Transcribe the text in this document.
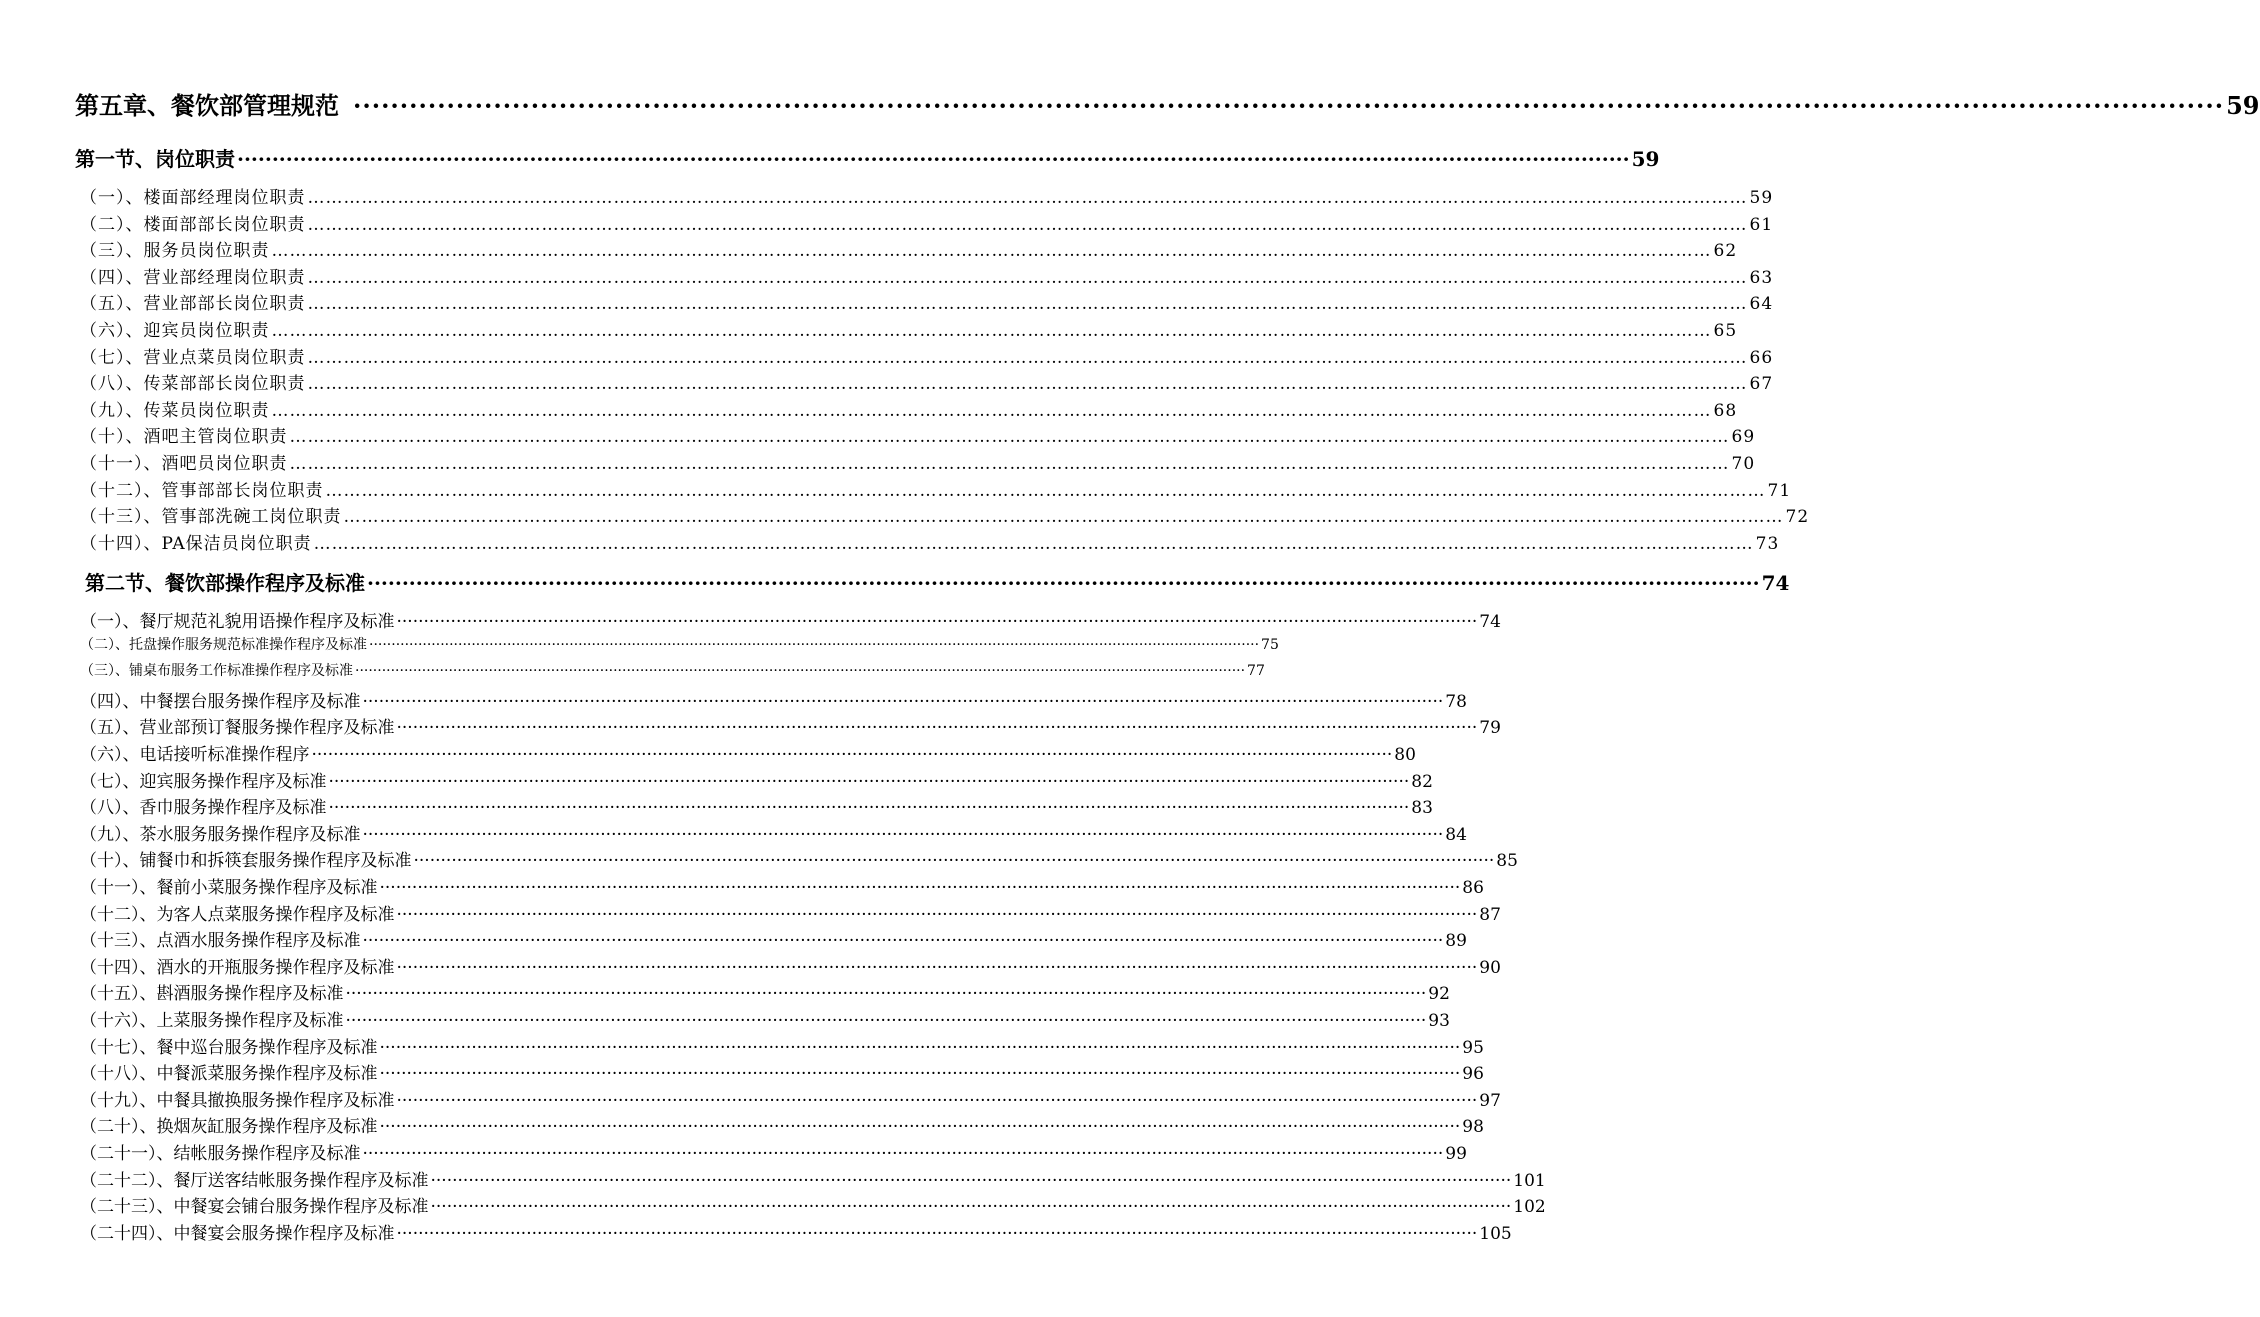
第五章、餐饮部管理规范 ········································································································································································································ 59
第一节、岗位职责 ········································································································································································································ 59
（一）、楼面部经理岗位职责 …………………………………………………………………………………………………………………………………………………………………………………………………………………… 59
（二）、楼面部部长岗位职责 …………………………………………………………………………………………………………………………………………………………………………………………………………………… 61
（三）、服务员岗位职责 …………………………………………………………………………………………………………………………………………………………………………………………………………………… 62
（四）、营业部经理岗位职责 …………………………………………………………………………………………………………………………………………………………………………………………………………………… 63
（五）、营业部部长岗位职责 …………………………………………………………………………………………………………………………………………………………………………………………………………………… 64
（六）、迎宾员岗位职责 …………………………………………………………………………………………………………………………………………………………………………………………………………………… 65
（七）、营业点菜员岗位职责 …………………………………………………………………………………………………………………………………………………………………………………………………………………… 66
（八）、传菜部部长岗位职责 …………………………………………………………………………………………………………………………………………………………………………………………………………………… 67
（九）、传菜员岗位职责 …………………………………………………………………………………………………………………………………………………………………………………………………………………… 68
（十）、酒吧主管岗位职责 …………………………………………………………………………………………………………………………………………………………………………………………………………………… 69
（十一）、酒吧员岗位职责 …………………………………………………………………………………………………………………………………………………………………………………………………………………… 70
（十二）、管事部部长岗位职责 …………………………………………………………………………………………………………………………………………………………………………………………………………………… 71
（十三）、管事部洗碗工岗位职责 …………………………………………………………………………………………………………………………………………………………………………………………………………………… 72
（十四）、PA保洁员岗位职责 …………………………………………………………………………………………………………………………………………………………………………………………………………………… 73
第二节、餐饮部操作程序及标准 ········································································································································································································ 74
（一）、餐厅规范礼貌用语操作程序及标准 ········································································································································································································ 74
（二）、托盘操作服务规范标准操作程序及标准 ········································································································································································································ 75
（三）、铺桌布服务工作标准操作程序及标准 ········································································································································································································ 77
（四）、中餐摆台服务操作程序及标准 ········································································································································································································ 78
（五）、营业部预订餐服务操作程序及标准 ········································································································································································································ 79
（六）、电话接听标准操作程序 ········································································································································································································ 80
（七）、迎宾服务操作程序及标准 ········································································································································································································ 82
（八）、香巾服务操作程序及标准 ········································································································································································································ 83
（九）、茶水服务服务操作程序及标准 ········································································································································································································ 84
（十）、铺餐巾和拆筷套服务操作程序及标准 ········································································································································································································ 85
（十一）、餐前小菜服务操作程序及标准 ········································································································································································································ 86
（十二）、为客人点菜服务操作程序及标准 ········································································································································································································ 87
（十三）、点酒水服务操作程序及标准 ········································································································································································································ 89
（十四）、酒水的开瓶服务操作程序及标准 ········································································································································································································ 90
（十五）、斟酒服务操作程序及标准 ········································································································································································································ 92
（十六）、上菜服务操作程序及标准 ········································································································································································································ 93
（十七）、餐中巡台服务操作程序及标准 ········································································································································································································ 95
（十八）、中餐派菜服务操作程序及标准 ········································································································································································································ 96
（十九）、中餐具撤换服务操作程序及标准 ········································································································································································································ 97
（二十）、换烟灰缸服务操作程序及标准 ········································································································································································································ 98
（二十一）、结帐服务操作程序及标准 ········································································································································································································ 99
（二十二）、餐厅送客结帐服务操作程序及标准 ········································································································································································································ 101
（二十三）、中餐宴会铺台服务操作程序及标准 ········································································································································································································ 102
（二十四）、中餐宴会服务操作程序及标准 ········································································································································································································ 105
